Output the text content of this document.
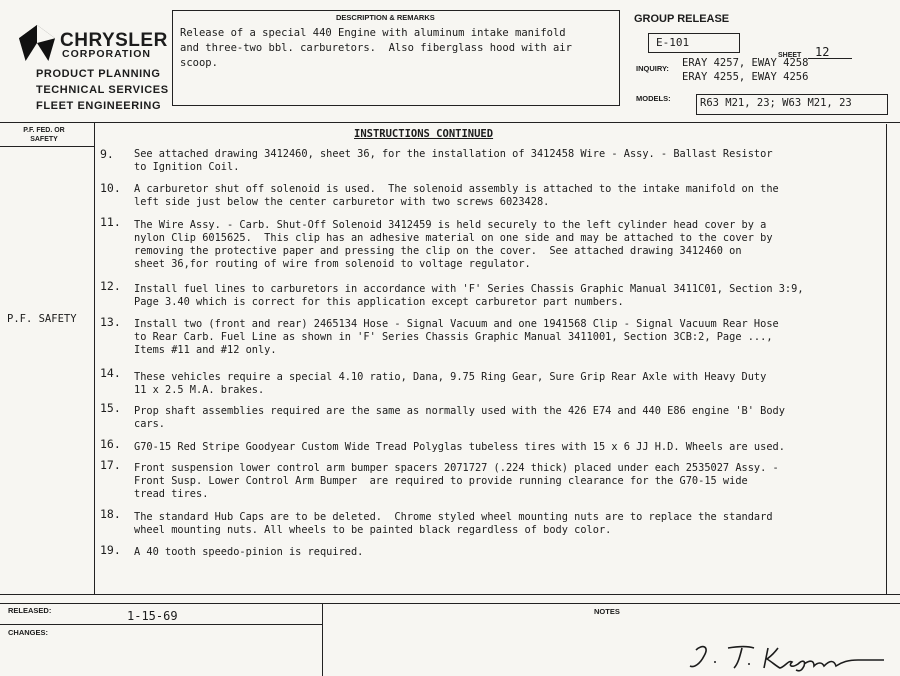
CHRYSLER
CORPORATION
PRODUCT PLANNING
TECHNICAL SERVICES
FLEET ENGINEERING
DESCRIPTION & REMARKS
Release of a special 440 Engine with aluminum intake manifold
and three-two bbl. carburetors.  Also fiberglass hood with air
scoop.
GROUP RELEASE
E-101
SHEET 12
INQUIRY: ERAY 4257, EWAY 4258
ERAY 4255, EWAY 4256
MODELS:	R63 M21, 23; W63 M21, 23
P.F. FED. OR SAFETY
P.F. SAFETY
INSTRUCTIONS CONTINUED
9.	See attached drawing 3412460, sheet 36, for the installation of 3412458 Wire - Assy. - Ballast Resistor
to Ignition Coil.
10.	A carburetor shut off solenoid is used.  The solenoid assembly is attached to the intake manifold on the
left side just below the center carburetor with two screws 6023428.
11.	The Wire Assy. - Carb. Shut-Off Solenoid 3412459 is held securely to the left cylinder head cover by a
nylon Clip 6015625.  This clip has an adhesive material on one side and may be attached to the cover by
removing the protective paper and pressing the clip on the cover.  See attached drawing 3412460 on
sheet 36,for routing of wire from solenoid to voltage regulator.
12.	Install fuel lines to carburetors in accordance with 'F' Series Chassis Graphic Manual 3411C01, Section 3:9,
Page 3.40 which is correct for this application except carburetor part numbers.
13.	Install two (front and rear) 2465134 Hose - Signal Vacuum and one 1941568 Clip - Signal Vacuum Rear Hose
to Rear Carb. Fuel Line as shown in 'F' Series Chassis Graphic Manual 3411001, Section 3CB:2, Page ...,
Items #11 and #12 only.
14.	These vehicles require a special 4.10 ratio, Dana, 9.75 Ring Gear, Sure Grip Rear Axle with Heavy Duty
11 x 2.5 M.A. brakes.
15.	Prop shaft assemblies required are the same as normally used with the 426 E74 and 440 E86 engine 'B' Body
cars.
16.	G70-15 Red Stripe Goodyear Custom Wide Tread Polyglas tubeless tires with 15 x 6 JJ H.D. Wheels are used.
17.	Front suspension lower control arm bumper spacers 2071727 (.224 thick) placed under each 2535027 Assy. -
Front Susp. Lower Control Arm Bumper  are required to provide running clearance for the G70-15 wide
tread tires.
18.	The standard Hub Caps are to be deleted.  Chrome styled wheel mounting nuts are to replace the standard
wheel mounting nuts. All wheels to be painted black regardless of body color.
19.	A 40 tooth speedo-pinion is required.
RELEASED:	1-15-69
CHANGES:
NOTES
